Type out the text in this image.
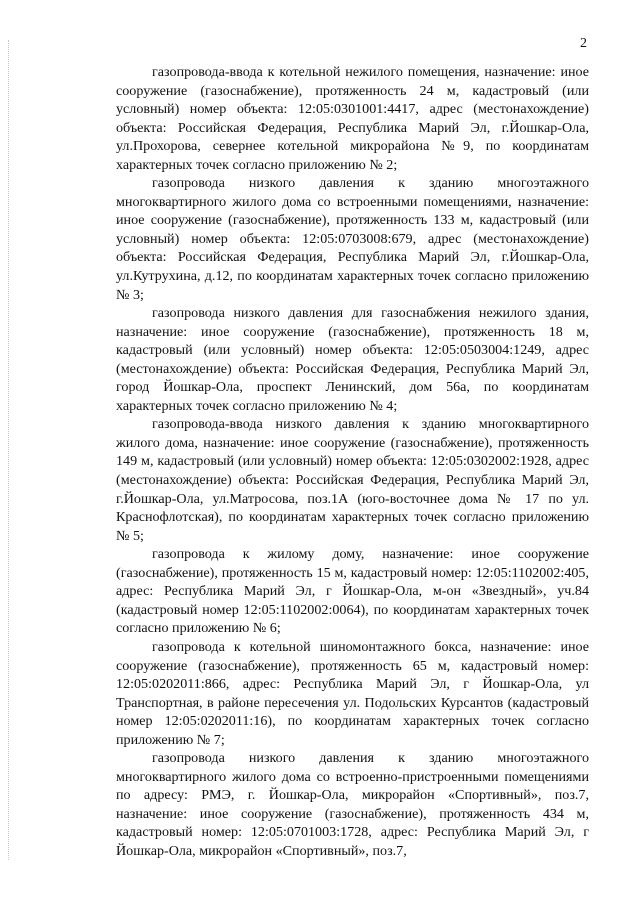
2

газопровода-ввода к котельной нежилого помещения, назначение: иное сооружение (газоснабжение), протяженность 24 м, кадастровый (или условный) номер объекта: 12:05:0301001:4417, адрес (местонахождение) объекта: Российская Федерация, Республика Марий Эл, г.Йошкар-Ола, ул.Прохорова, севернее котельной микрорайона №9, по координатам характерных точек согласно приложению № 2;

газопровода низкого давления к зданию многоэтажного многоквартирного жилого дома со встроенными помещениями, назначение: иное сооружение (газоснабжение), протяженность 133 м, кадастровый (или условный) номер объекта: 12:05:0703008:679, адрес (местонахождение) объекта: Российская Федерация, Республика Марий Эл, г.Йошкар-Ола, ул.Кутрухина, д.12, по координатам характерных точек согласно приложению № 3;

газопровода низкого давления для газоснабжения нежилого здания, назначение: иное сооружение (газоснабжение), протяженность 18 м, кадастровый (или условный) номер объекта: 12:05:0503004:1249, адрес (местонахождение) объекта: Российская Федерация, Республика Марий Эл, город Йошкар-Ола, проспект Ленинский, дом 56а, по координатам характерных точек согласно приложению № 4;

газопровода-ввода низкого давления к зданию многоквартирного жилого дома, назначение: иное сооружение (газоснабжение), протяженность 149 м, кадастровый (или условный) номер объекта: 12:05:0302002:1928, адрес (местонахождение) объекта: Российская Федерация, Республика Марий Эл, г.Йошкар-Ола, ул.Матросова, поз.1А (юго-восточнее дома № 17 по ул. Краснофлотская), по координатам характерных точек согласно приложению № 5;

газопровода к жилому дому, назначение: иное сооружение (газоснабжение), протяженность 15 м, кадастровый номер: 12:05:1102002:405, адрес: Республика Марий Эл, г Йошкар-Ола, м-он «Звездный», уч.84 (кадастровый номер 12:05:1102002:0064), по координатам характерных точек согласно приложению № 6;

газопровода к котельной шиномонтажного бокса, назначение: иное сооружение (газоснабжение), протяженность 65 м, кадастровый номер: 12:05:0202011:866, адрес: Республика Марий Эл, г Йошкар-Ола, ул Транспортная, в районе пересечения ул. Подольских Курсантов (кадастровый номер 12:05:0202011:16), по координатам характерных точек согласно приложению № 7;

газопровода низкого давления к зданию многоэтажного многоквартирного жилого дома со встроенно-пристроенными помещениями по адресу: РМЭ, г. Йошкар-Ола, микрорайон «Спортивный», поз.7, назначение: иное сооружение (газоснабжение), протяженность 434 м, кадастровый номер: 12:05:0701003:1728, адрес: Республика Марий Эл, г Йошкар-Ола, микрорайон «Спортивный», поз.7,
